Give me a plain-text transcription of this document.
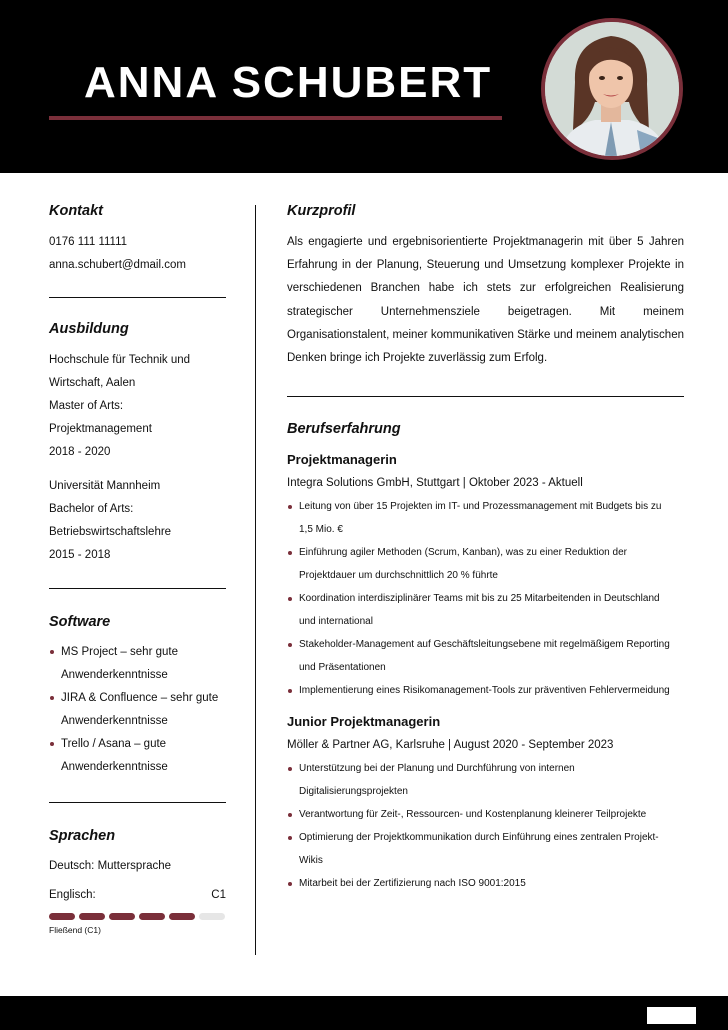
ANNA SCHUBERT
Kontakt
0176 111 11111
anna.schubert@dmail.com
Ausbildung
Hochschule für Technik und
Wirtschaft, Aalen
Master of Arts:
Projektmanagement
2018 - 2020
Universität Mannheim
Bachelor of Arts:
Betriebswirtschaftslehre
2015 - 2018
Software
MS Project – sehr gute
Anwenderkenntnisse
JIRA & Confluence – sehr gute
Anwenderkenntnisse
Trello / Asana – gute
Anwenderkenntnisse
Sprachen
Deutsch: Muttersprache
Englisch:	C1
Fließend (C1)
Kurzprofil
Als engagierte und ergebnisorientierte Projektmanagerin mit über 5 Jahren Erfahrung in der Planung, Steuerung und Umsetzung komplexer Projekte in verschiedenen Branchen habe ich stets zur erfolgreichen Realisierung strategischer Unternehmensziele beigetragen. Mit meinem Organisationstalent, meiner kommunikativen Stärke und meinem analytischen Denken bringe ich Projekte zuverlässig zum Erfolg.
Berufserfahrung
Projektmanagerin
Integra Solutions GmbH, Stuttgart | Oktober 2023 - Aktuell
Leitung von über 15 Projekten im IT- und Prozessmanagement mit Budgets bis zu
1,5 Mio. €
Einführung agiler Methoden (Scrum, Kanban), was zu einer Reduktion der
Projektdauer um durchschnittlich 20 % führte
Koordination interdisziplinärer Teams mit bis zu 25 Mitarbeitenden in Deutschland
und international
Stakeholder-Management auf Geschäftsleitungsebene mit regelmäßigem Reporting
und Präsentationen
Implementierung eines Risikomanagement-Tools zur präventiven Fehlervermeidung
Junior Projektmanagerin
Möller & Partner AG, Karlsruhe | August 2020 - September 2023
Unterstützung bei der Planung und Durchführung von internen
Digitalisierungsprojekten
Verantwortung für Zeit-, Ressourcen- und Kostenplanung kleinerer Teilprojekte
Optimierung der Projektkommunikation durch Einführung eines zentralen Projekt-
Wikis
Mitarbeit bei der Zertifizierung nach ISO 9001:2015
